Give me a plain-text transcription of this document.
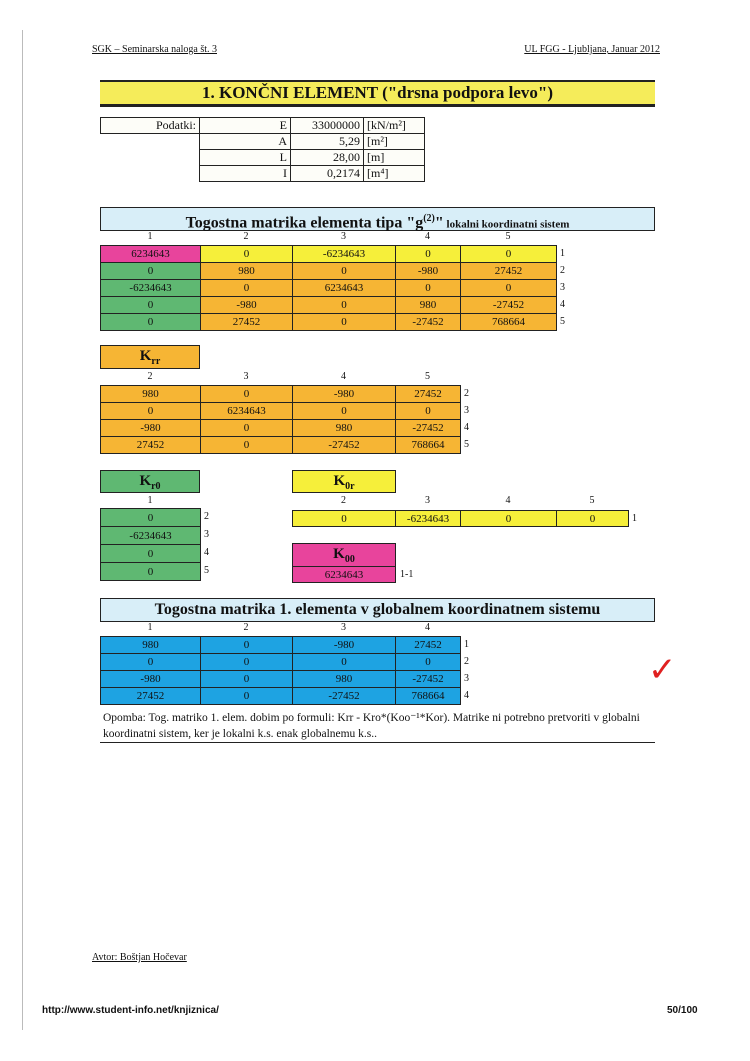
SGK – Seminarska naloga št. 3	UL FGG - Ljubljana, Januar 2012
1. KONČNI ELEMENT ("drsna podpora levo")
Podatki:	E	33000000	[kN/m²]
	A	5,29	[m²]
	L	28,00	[m]
	I	0,2174	[m⁴]
Togostna matrika elementa tipa "$g^{(2)}$" lokalni koordinatni sistem
$K_{rr}$
$K_{r0}$	$K_{0r}$
$K_{00}$
6234643	1-1
Togostna matrika 1. elementa v globalnem koordinatnem sistemu
1	2	3	4	5
6234643	0	-6234643	0	0	1
0	980	0	-980	27452	2
-6234643	0	6234643	0	0	3
0	-980	0	980	-27452	4
0	27452	0	-27452	768664	5
2	3	4	5
980	0	-980	27452	2
0	6234643	0	0	3
-980	0	980	-27452	4
27452	0	-27452	768664	5
1
0	2
-6234643	3
0	4
0	5
2	3	4	5
0	-6234643	0	0	1
1	2	3	4
980	0	-980	27452	1
0	0	0	0	2
-980	0	980	-27452	3
27452	0	-27452	768664	4
Opomba: Tog. matriko 1. elem. dobim po formuli: Krr - Kro*(Koo⁻¹*Kor). Matrike ni potrebno pretvoriti v globalni koordinatni sistem, ker je lokalni k.s. enak globalnemu k.s..
✓
Avtor: Boštjan Hočevar
http://www.student-info.net/knjiznica/	50/100
